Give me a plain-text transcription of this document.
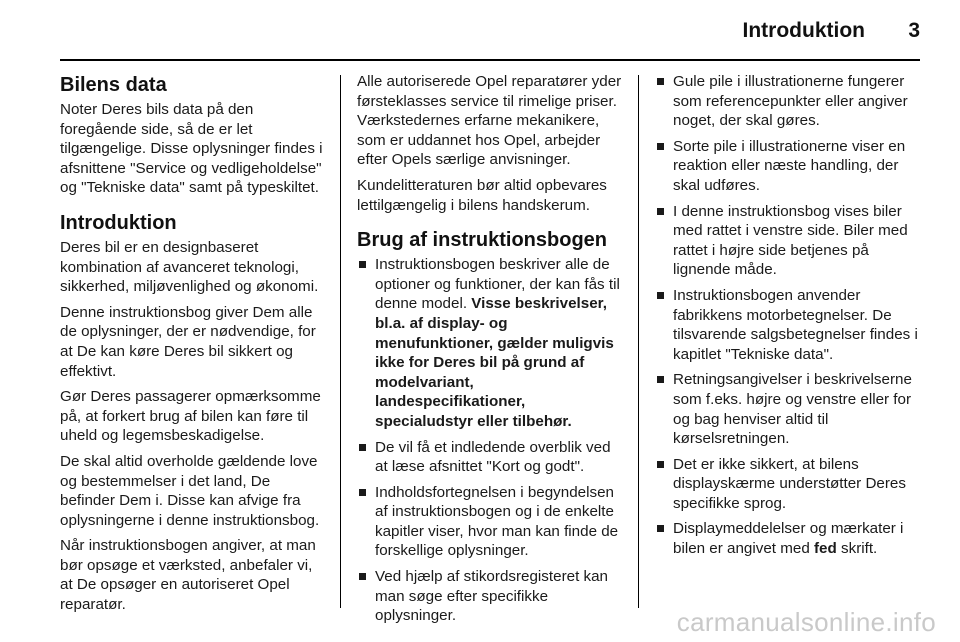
Introduktion 3
Bilens data

Noter Deres bils data på den foregående side, så de er let tilgængelige. Disse oplysninger findes i afsnittene "Service og vedligeholdelse" og "Tekniske data" samt på typeskiltet.

Introduktion

Deres bil er en designbaseret kombination af avanceret teknologi, sikkerhed, miljøvenlighed og økonomi.

Denne instruktionsbog giver Dem alle de oplysninger, der er nødvendige, for at De kan køre Deres bil sikkert og effektivt.

Gør Deres passagerer opmærksomme på, at forkert brug af bilen kan føre til uheld og legemsbeskadigelse.

De skal altid overholde gældende love og bestemmelser i det land, De befinder Dem i. Disse kan afvige fra oplysningerne i denne instruktionsbog.

Når instruktionsbogen angiver, at man bør opsøge et værksted, anbefaler vi, at De opsøger en autoriseret Opel reparatør.

Alle autoriserede Opel reparatører yder førsteklasses service til rimelige priser. Værkstedernes erfarne mekanikere, som er uddannet hos Opel, arbejder efter Opels særlige anvisninger.

Kundelitteraturen bør altid opbevares lettilgængelig i bilens handskerum.

Brug af instruktionsbogen
Instruktionsbogen beskriver alle de optioner og funktioner, der kan fås til denne model. Visse beskrivelser, bl.a. af display- og menufunktioner, gælder muligvis ikke for Deres bil på grund af modelvariant, landespecifikationer, specialudstyr eller tilbehør.
De vil få et indledende overblik ved at læse afsnittet "Kort og godt".
Indholdsfortegnelsen i begyndelsen af instruktionsbogen og i de enkelte kapitler viser, hvor man kan finde de forskellige oplysninger.
Ved hjælp af stikordsregisteret kan man søge efter specifikke oplysninger.
Gule pile i illustrationerne fungerer som referencepunkter eller angiver noget, der skal gøres.
Sorte pile i illustrationerne viser en reaktion eller næste handling, der skal udføres.
I denne instruktionsbog vises biler med rattet i venstre side. Biler med rattet i højre side betjenes på lignende måde.
Instruktionsbogen anvender fabrikkens motorbetegnelser. De tilsvarende salgsbetegnelser findes i kapitlet "Tekniske data".
Retningsangivelser i beskrivelserne som f.eks. højre og venstre eller for og bag henviser altid til kørselsretningen.
Det er ikke sikkert, at bilens displayskærme understøtter Deres specifikke sprog.
Displaymeddelelser og mærkater i bilen er angivet med fed skrift.
carmanualsonline.info
